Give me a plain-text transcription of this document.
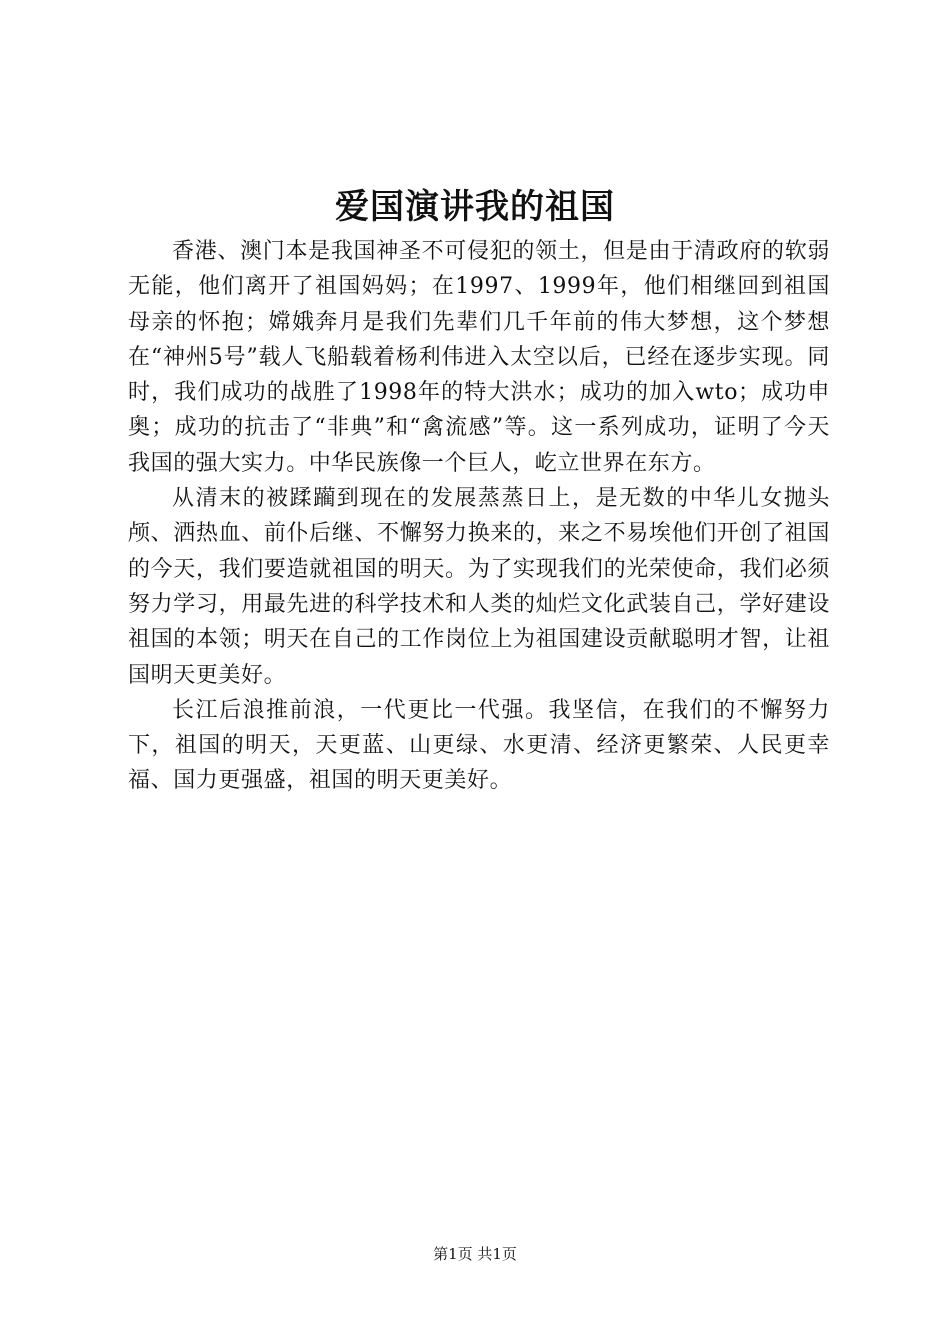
爱国演讲我的祖国

香港、澳门本是我国神圣不可侵犯的领土，但是由于清政府的软弱无能，他们离开了祖国妈妈；在1997、1999年，他们相继回到祖国母亲的怀抱；嫦娥奔月是我们先辈们几千年前的伟大梦想，这个梦想在“神州5号”载人飞船载着杨利伟进入太空以后，已经在逐步实现。同时，我们成功的战胜了1998年的特大洪水；成功的加入wto；成功申奥；成功的抗击了“非典”和“禽流感”等。这一系列成功，证明了今天我国的强大实力。中华民族像一个巨人，屹立世界在东方。

从清末的被蹂躏到现在的发展蒸蒸日上，是无数的中华儿女抛头颅、洒热血、前仆后继、不懈努力换来的，来之不易埃他们开创了祖国的今天，我们要造就祖国的明天。为了实现我们的光荣使命，我们必须努力学习，用最先进的科学技术和人类的灿烂文化武装自己，学好建设祖国的本领；明天在自己的工作岗位上为祖国建设贡献聪明才智，让祖国明天更美好。

长江后浪推前浪，一代更比一代强。我坚信，在我们的不懈努力下，祖国的明天，天更蓝、山更绿、水更清、经济更繁荣、人民更幸福、国力更强盛，祖国的明天更美好。

第1页 共1页
